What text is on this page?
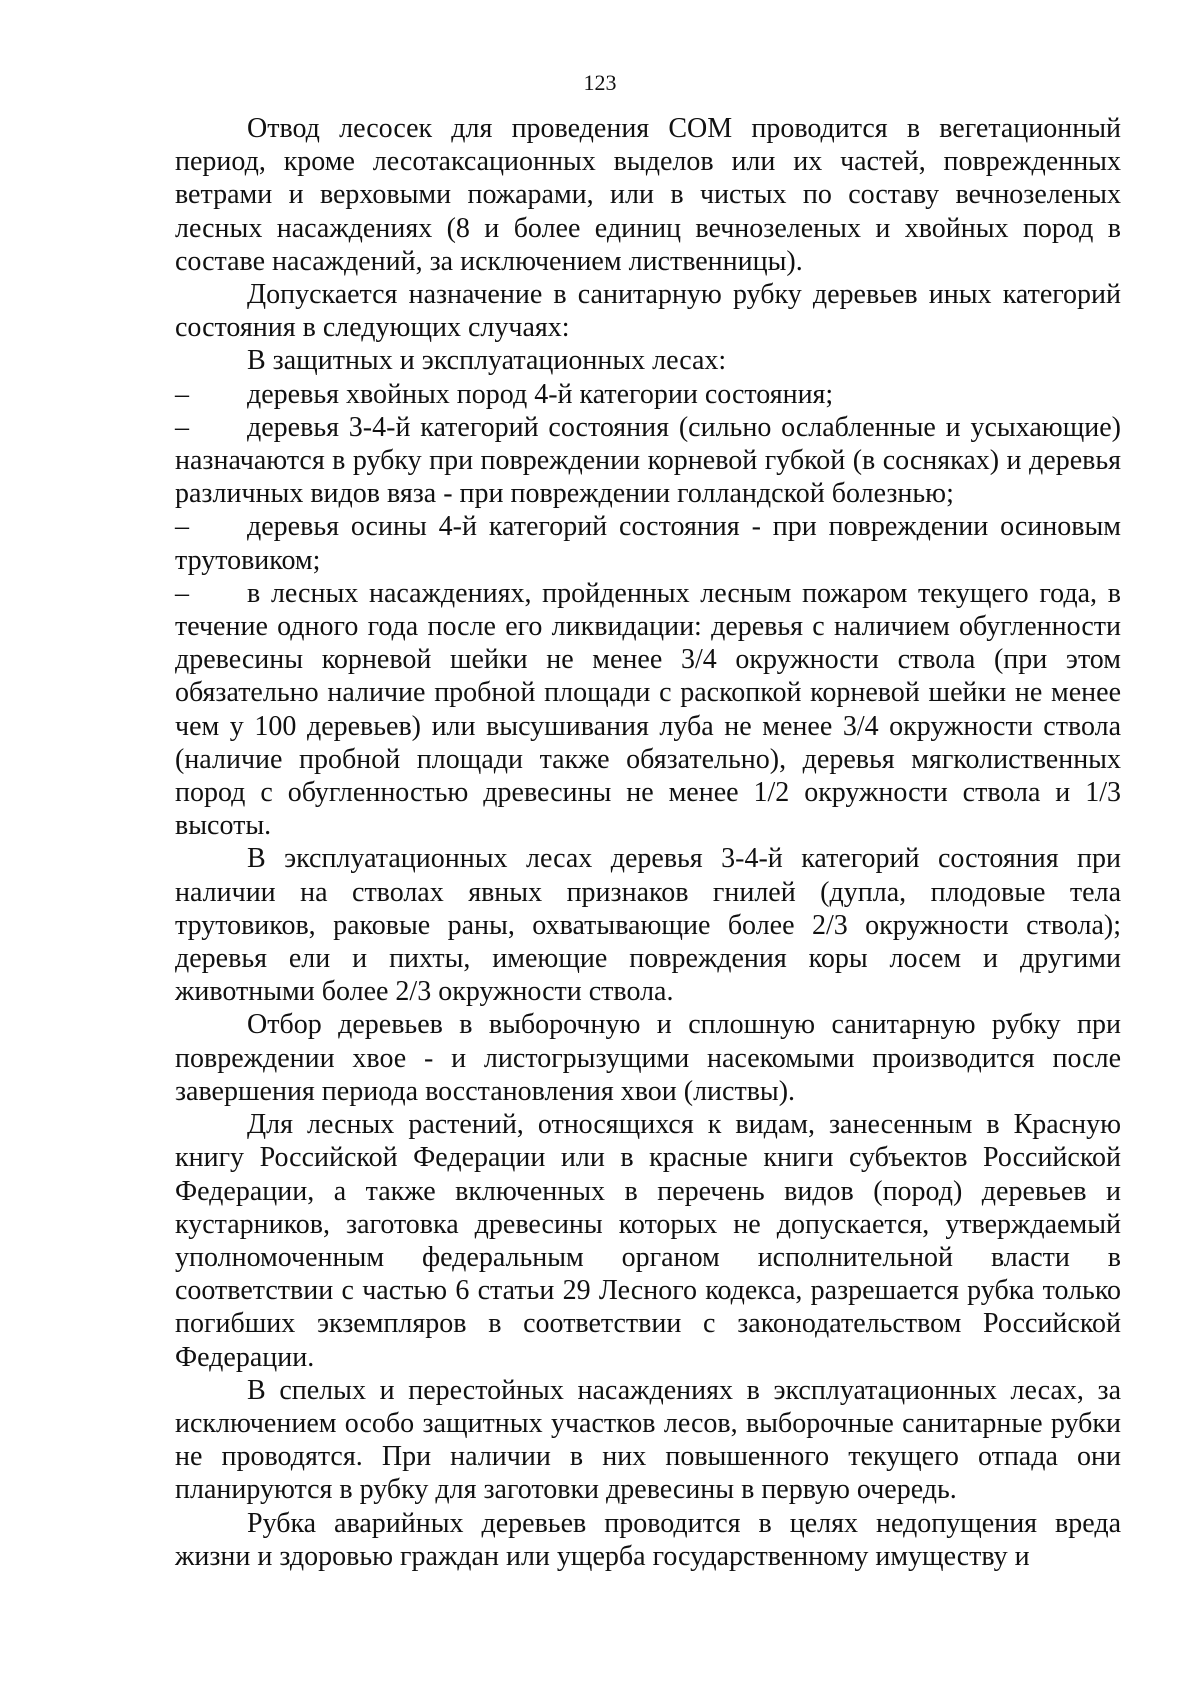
123

Отвод лесосек для проведения СОМ проводится в вегетационный период, кроме лесотаксационных выделов или их частей, поврежденных ветрами и верховыми пожарами, или в чистых по составу вечнозеленых лесных насаждениях (8 и более единиц вечнозеленых и хвойных пород в составе насаждений, за исключением лиственницы).

Допускается назначение в санитарную рубку деревьев иных категорий состояния в следующих случаях:

В защитных и эксплуатационных лесах:

– деревья хвойных пород 4-й категории состояния;

– деревья 3-4-й категорий состояния (сильно ослабленные и усыхающие) назначаются в рубку при повреждении корневой губкой (в сосняках) и деревья различных видов вяза - при повреждении голландской болезнью;

– деревья осины 4-й категорий состояния - при повреждении осиновым трутовиком;

– в лесных насаждениях, пройденных лесным пожаром текущего года, в течение одного года после его ликвидации: деревья с наличием обугленности древесины корневой шейки не менее 3/4 окружности ствола (при этом обязательно наличие пробной площади с раскопкой корневой шейки не менее чем у 100 деревьев) или высушивания луба не менее 3/4 окружности ствола (наличие пробной площади также обязательно), деревья мягколиственных пород с обугленностью древесины не менее 1/2 окружности ствола и 1/3 высоты.

В эксплуатационных лесах деревья 3-4-й категорий состояния при наличии на стволах явных признаков гнилей (дупла, плодовые тела трутовиков, раковые раны, охватывающие более 2/3 окружности ствола); деревья ели и пихты, имеющие повреждения коры лосем и другими животными более 2/3 окружности ствола.

Отбор деревьев в выборочную и сплошную санитарную рубку при повреждении хвое - и листогрызущими насекомыми производится после завершения периода восстановления хвои (листвы).

Для лесных растений, относящихся к видам, занесенным в Красную книгу Российской Федерации или в красные книги субъектов Российской Федерации, а также включенных в перечень видов (пород) деревьев и кустарников, заготовка древесины которых не допускается, утверждаемый уполномоченным федеральным органом исполнительной власти в соответствии с частью 6 статьи 29 Лесного кодекса, разрешается рубка только погибших экземпляров в соответствии с законодательством Российской Федерации.

В спелых и перестойных насаждениях в эксплуатационных лесах, за исключением особо защитных участков лесов, выборочные санитарные рубки не проводятся. При наличии в них повышенного текущего отпада они планируются в рубку для заготовки древесины в первую очередь.

Рубка аварийных деревьев проводится в целях недопущения вреда жизни и здоровью граждан или ущерба государственному имуществу и
